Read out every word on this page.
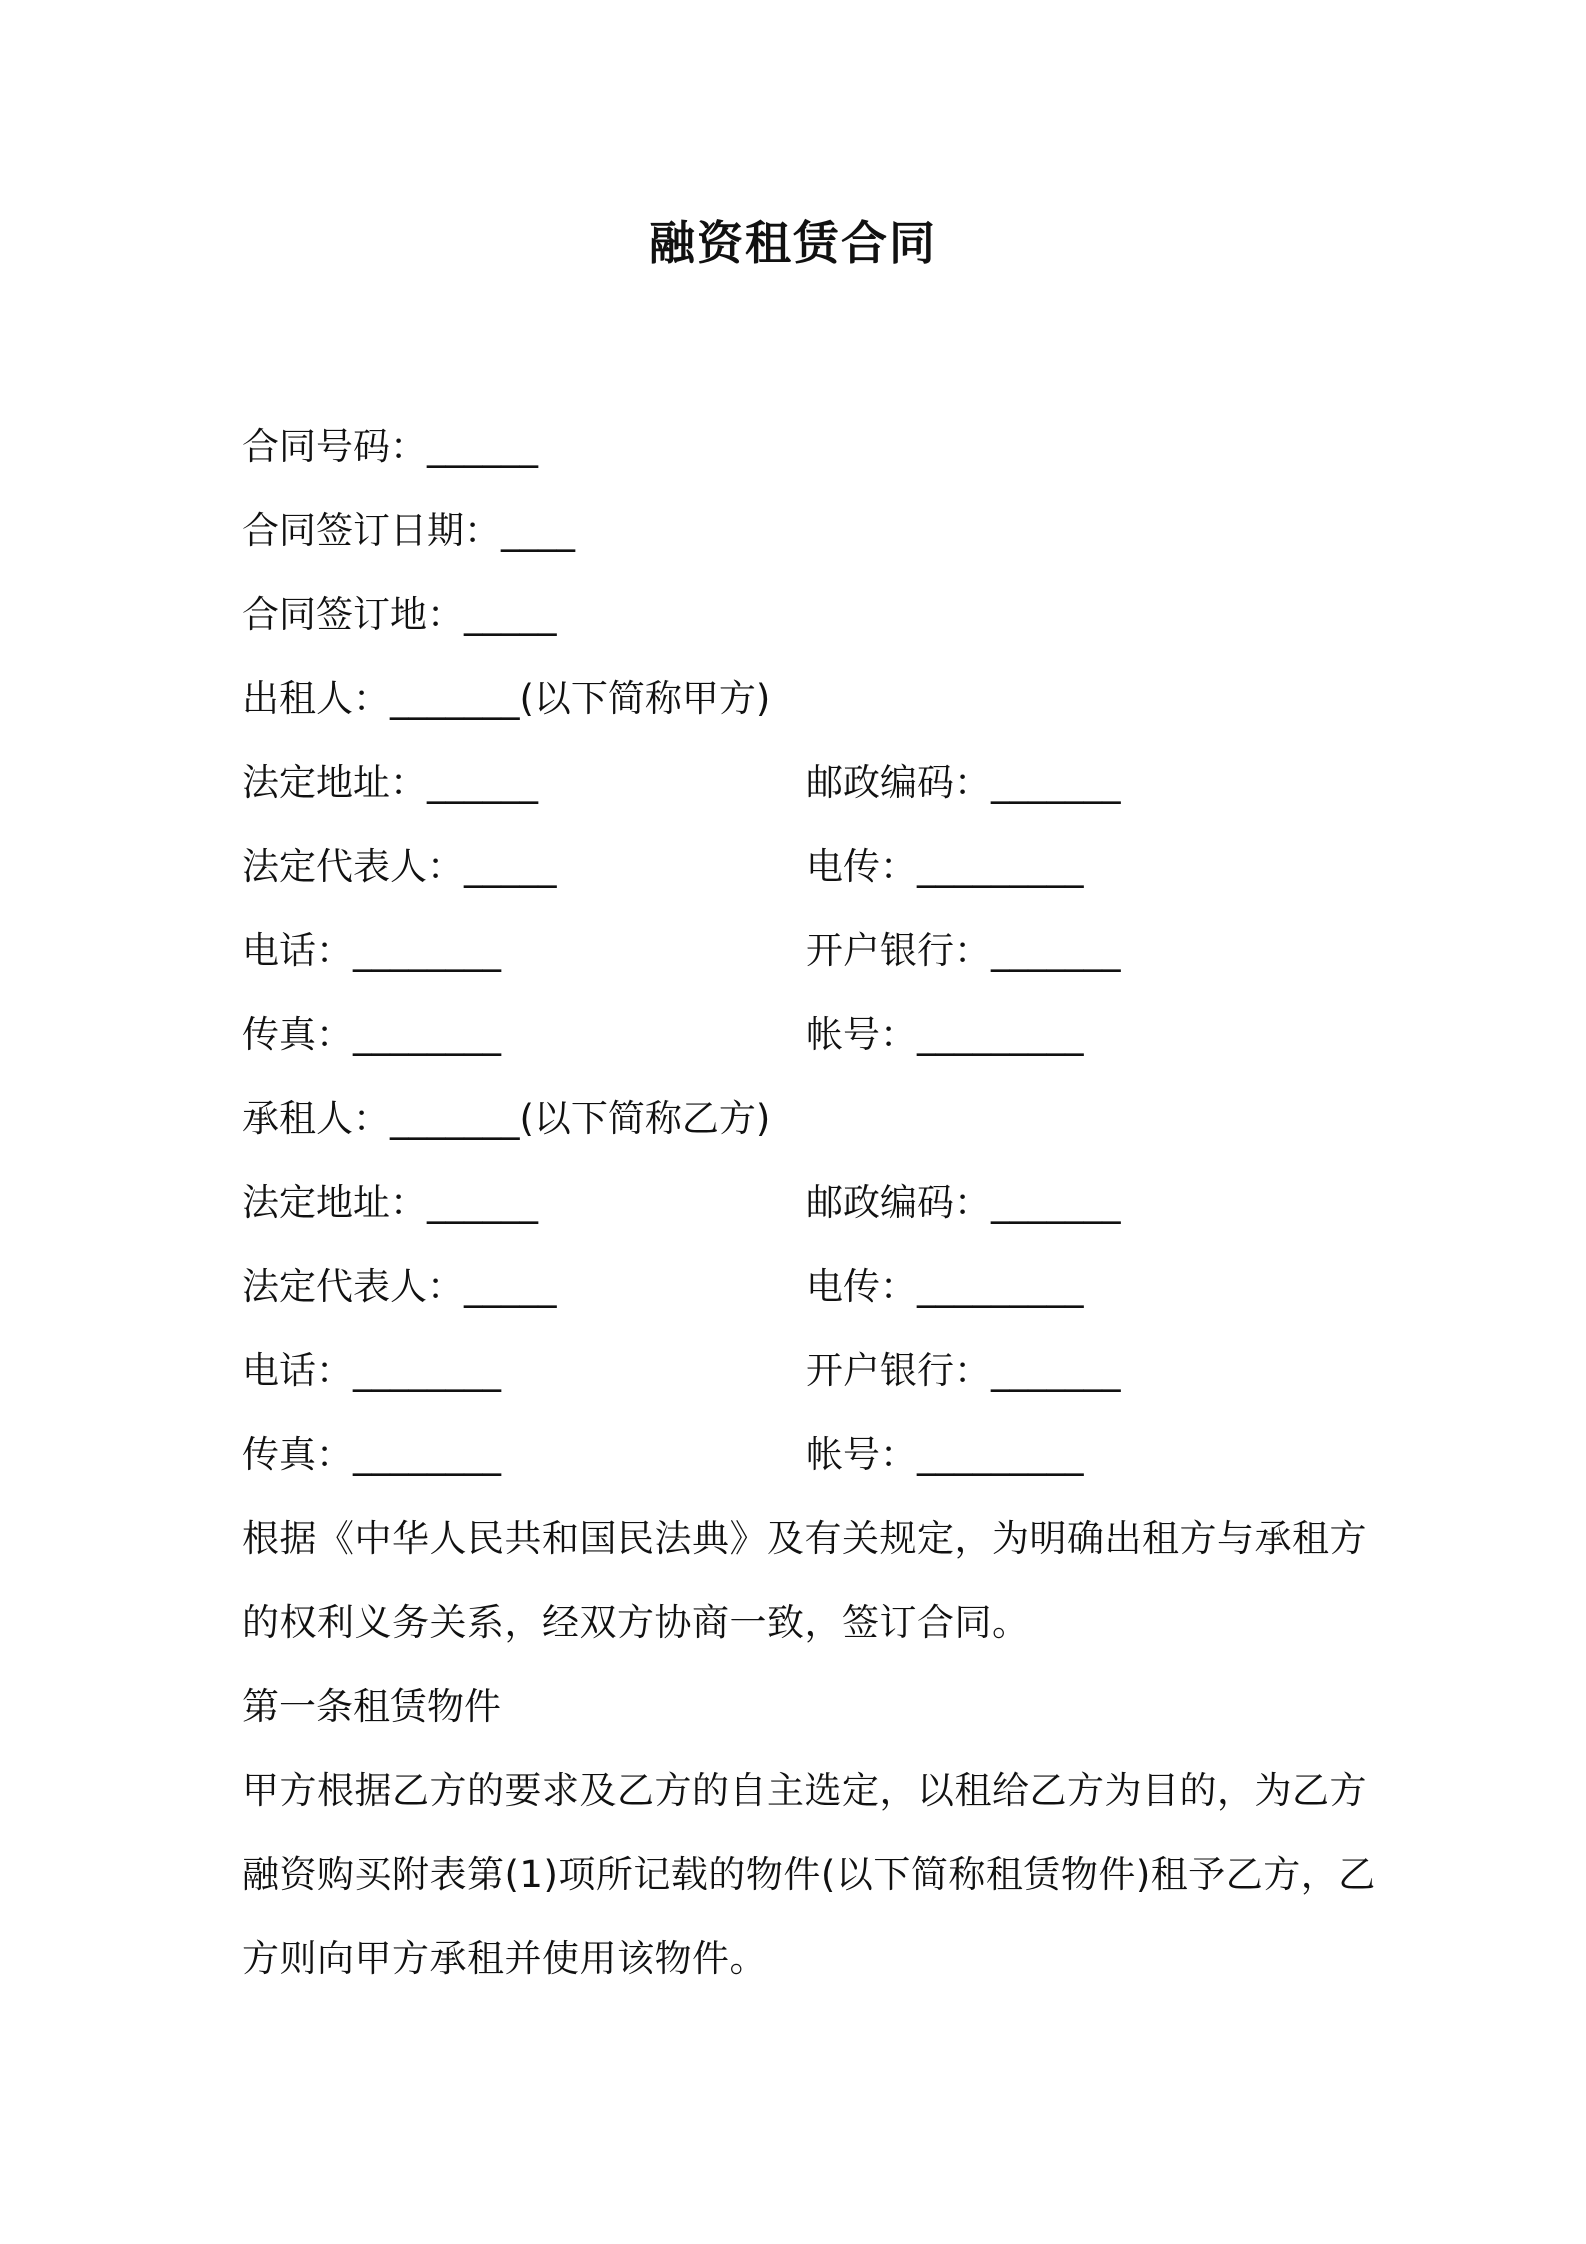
融资租赁合同
合同号码：______
合同签订日期：____
合同签订地：_____
出租人：_______(以下简称甲方)
法定地址：______	邮政编码：_______
法定代表人：_____	电传：_________
电话：________	开户银行：_______
传真：________	帐号：_________
承租人：_______(以下简称乙方)
法定地址：______	邮政编码：_______
法定代表人：_____	电传：_________
电话：________	开户银行：_______
传真：________	帐号：_________
根据《中华人民共和国民法典》及有关规定，为明确出租方与承租方
的权利义务关系，经双方协商一致，签订合同。
第一条租赁物件
甲方根据乙方的要求及乙方的自主选定，以租给乙方为目的，为乙方
融资购买附表第(1)项所记载的物件(以下简称租赁物件)租予乙方，乙
方则向甲方承租并使用该物件。
